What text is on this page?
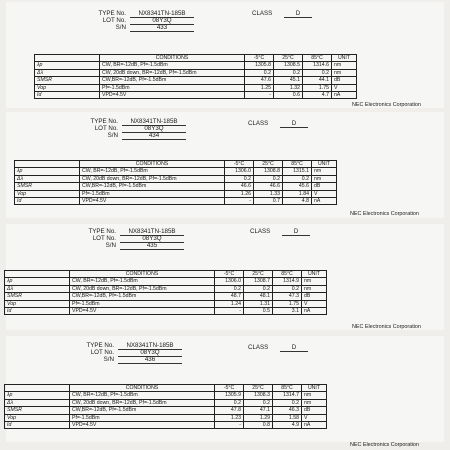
TYPE No.	NX8341TN-185B
LOT No.	08Y3Q
S/N	433
CLASS	D
	CONDITIONS	-5°C	25°C	85°C	UNIT
λp	CW, BR=-12dB, Pf=-1.5dBm	1305.8	1308.5	1314.6	nm
Δλ	CW, 20dB down, BR=-12dB, Pf=-1.5dBm	0.2	0.2	0.2	nm
SMSR	CW,BR=-12dB, Pf=-1.5dBm	47.6	45.1	44.1	dB
Vop	Pf=-1.5dBm	1.25	1.32	1.75	V
Id	VPD=4.5V	-	0.6	4.7	nA
NEC Electronics Corporation
TYPE No.	NX8341TN-185B
LOT No.	08Y3Q
S/N	434
CLASS	D
	CONDITIONS	-5°C	25°C	85°C	UNIT
λp	CW, BR=-12dB, Pf=-1.5dBm	1306.0	1308.8	1315.1	nm
Δλ	CW, 20dB down, BR=-12dB, Pf=-1.5dBm	0.2	0.2	0.2	nm
SMSR	CW,BR=-12dB, Pf=-1.5dBm	46.6	46.6	45.6	dB
Vop	Pf=-1.5dBm	1.26	1.33	1.84	V
Id	VPD=4.5V	-	0.7	4.8	nA
NEC Electronics Corporation
TYPE No.	NX8341TN-185B
LOT No.	08Y3Q
S/N	435
CLASS	D
	CONDITIONS	-5°C	25°C	85°C	UNIT
λp	CW, BR=-12dB, Pf=-1.5dBm	1306.0	1308.7	1314.9	nm
Δλ	CW, 20dB down, BR=-12dB, Pf=-1.5dBm	0.2	0.2	0.2	nm
SMSR	CW,BR=-12dB, Pf=-1.5dBm	48.7	48.1	47.3	dB
Vop	Pf=-1.5dBm	1.24	1.31	1.75	V
Id	VPD=4.5V	-	0.5	3.1	nA
NEC Electronics Corporation
TYPE No.	NX8341TN-185B
LOT No.	08Y3Q
S/N	436
CLASS	D
	CONDITIONS	-5°C	25°C	85°C	UNIT
λp	CW, BR=-12dB, Pf=-1.5dBm	1305.9	1308.3	1314.7	nm
Δλ	CW, 20dB down, BR=-12dB, Pf=-1.5dBm	0.2	0.2	0.2	nm
SMSR	CW,BR=-12dB, Pf=-1.5dBm	47.8	47.1	46.3	dB
Vop	Pf=-1.5dBm	1.23	1.29	1.58	V
Id	VPD=4.5V	-	0.8	4.9	nA
NEC Electronics Corporation
